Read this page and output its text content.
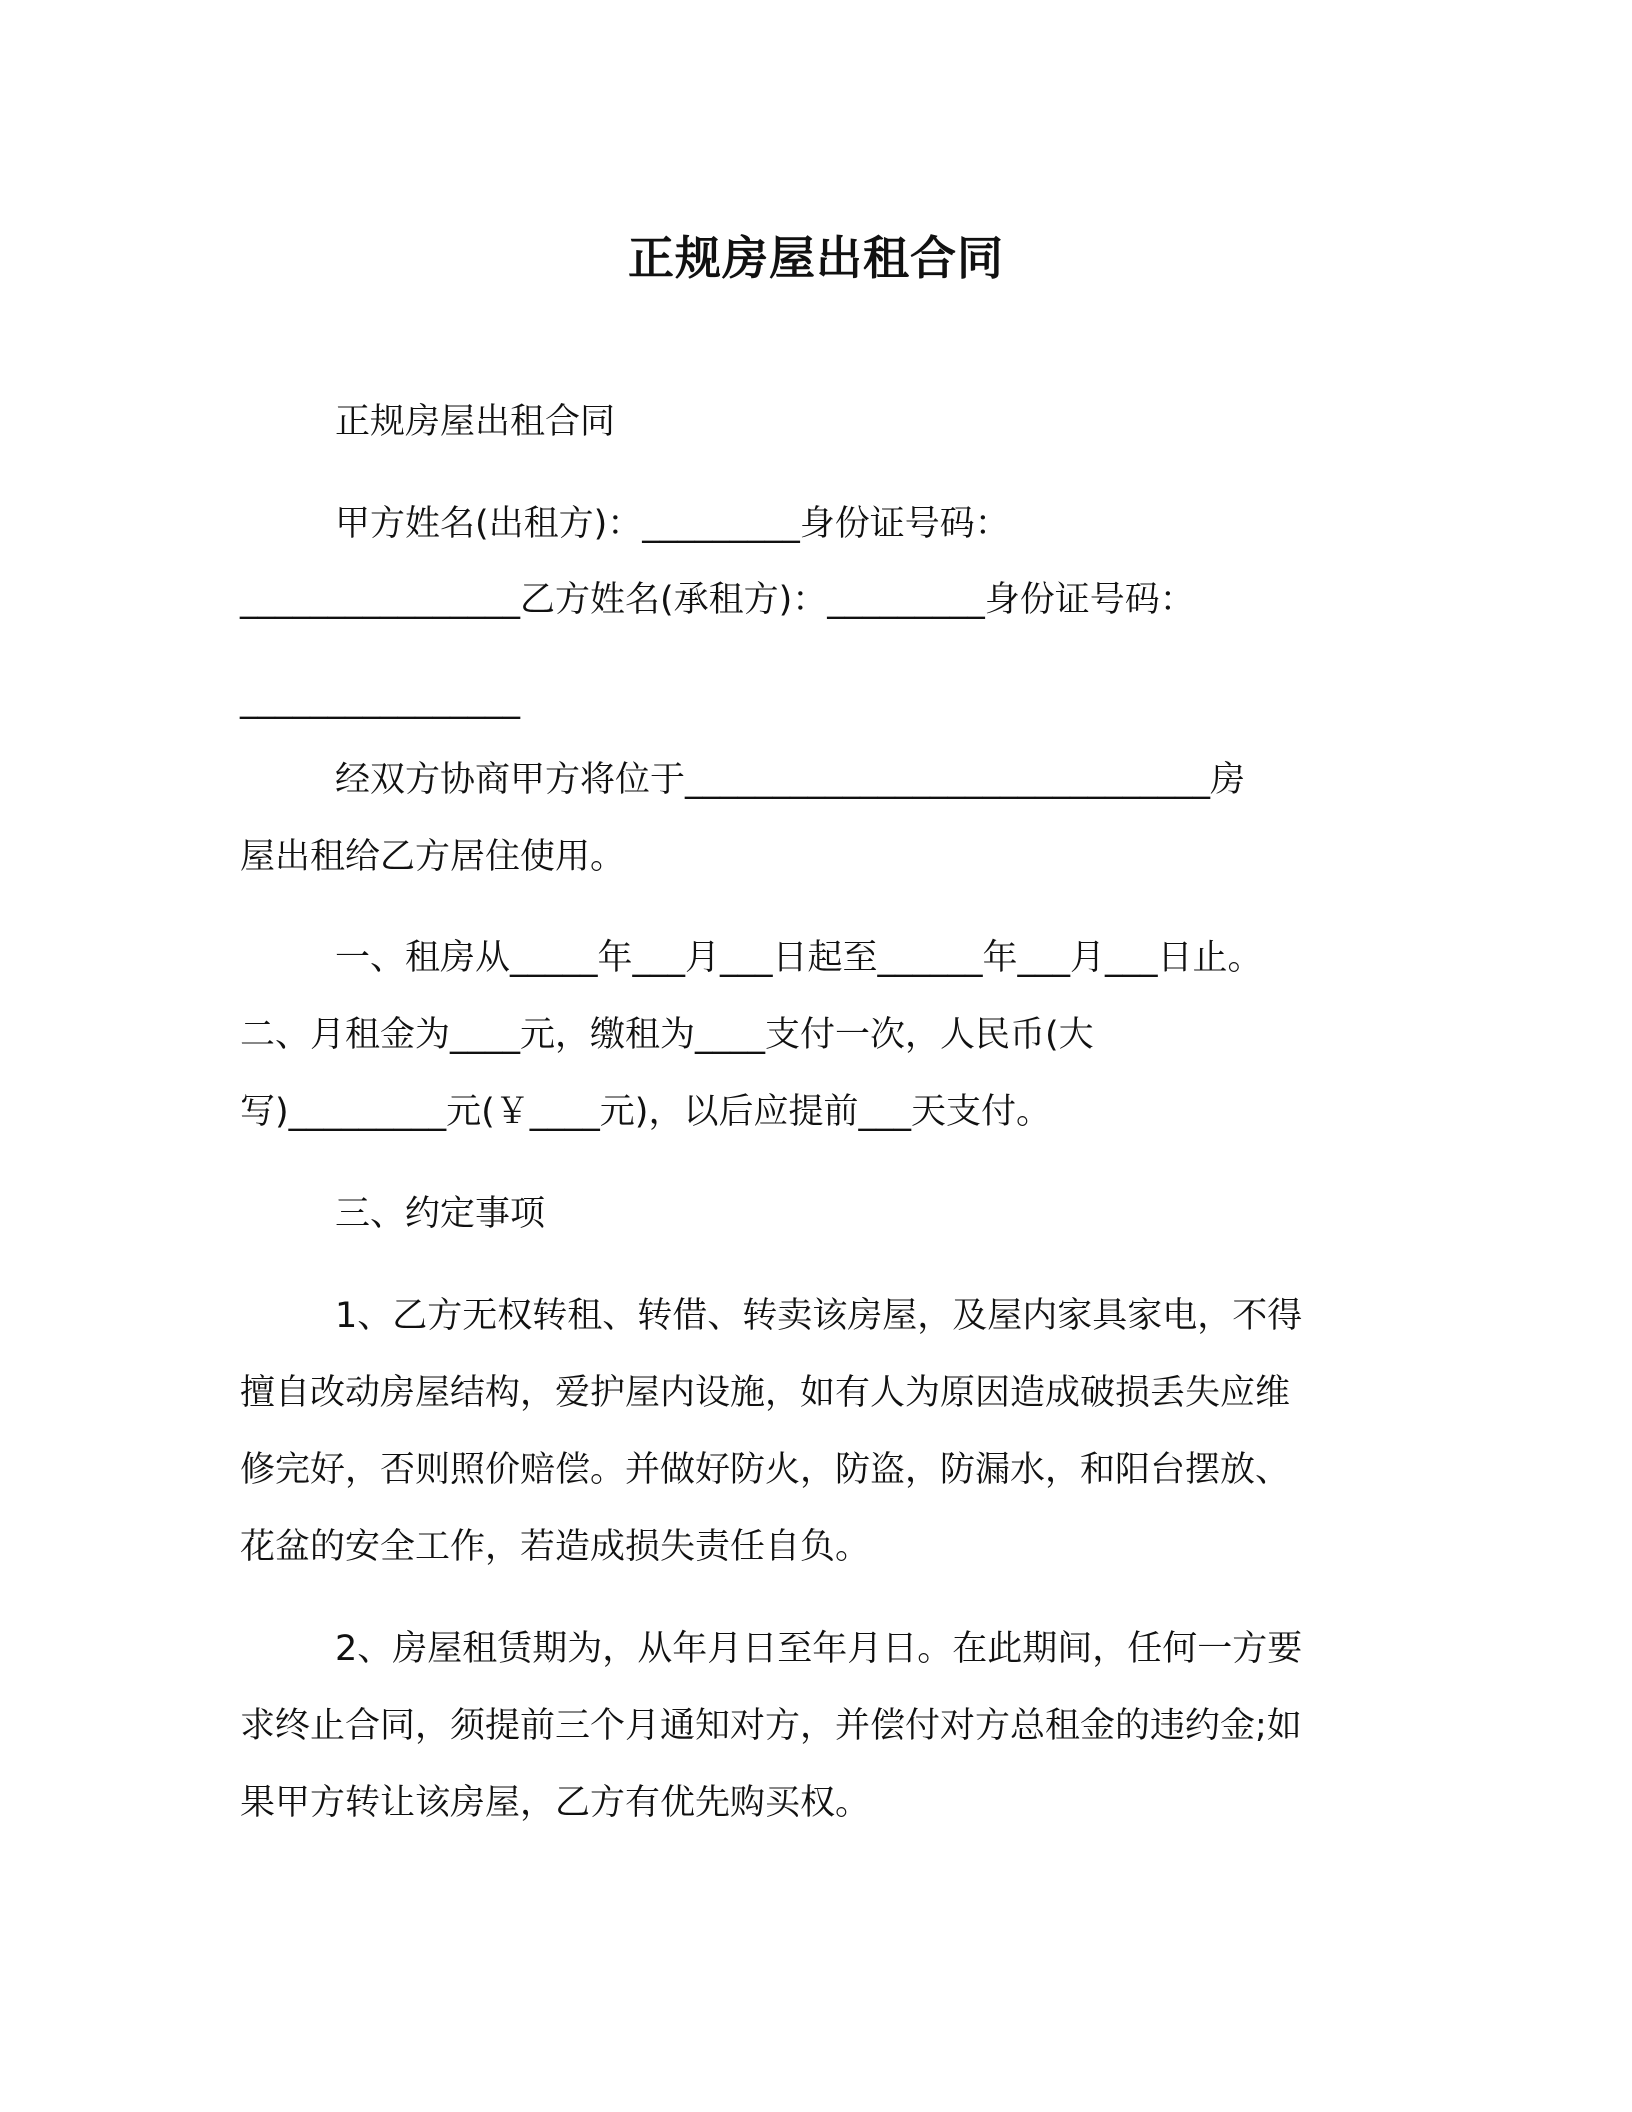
正规房屋出租合同
正规房屋出租合同
甲方姓名(出租方)：_________身份证号码：
________________乙方姓名(承租方)：_________身份证号码：
________________
经双方协商甲方将位于______________________________房
屋出租给乙方居住使用。
一、租房从_____年___月___日起至______年___月___日止。
二、月租金为____元，缴租为____支付一次，人民币(大
写)_________元(￥____元)，以后应提前___天支付。
三、约定事项
1、乙方无权转租、转借、转卖该房屋，及屋内家具家电，不得
擅自改动房屋结构，爱护屋内设施，如有人为原因造成破损丢失应维
修完好，否则照价赔偿。并做好防火，防盗，防漏水，和阳台摆放、
花盆的安全工作，若造成损失责任自负。
2、房屋租赁期为，从年月日至年月日。在此期间，任何一方要
求终止合同，须提前三个月通知对方，并偿付对方总租金的违约金;如
果甲方转让该房屋，乙方有优先购买权。
